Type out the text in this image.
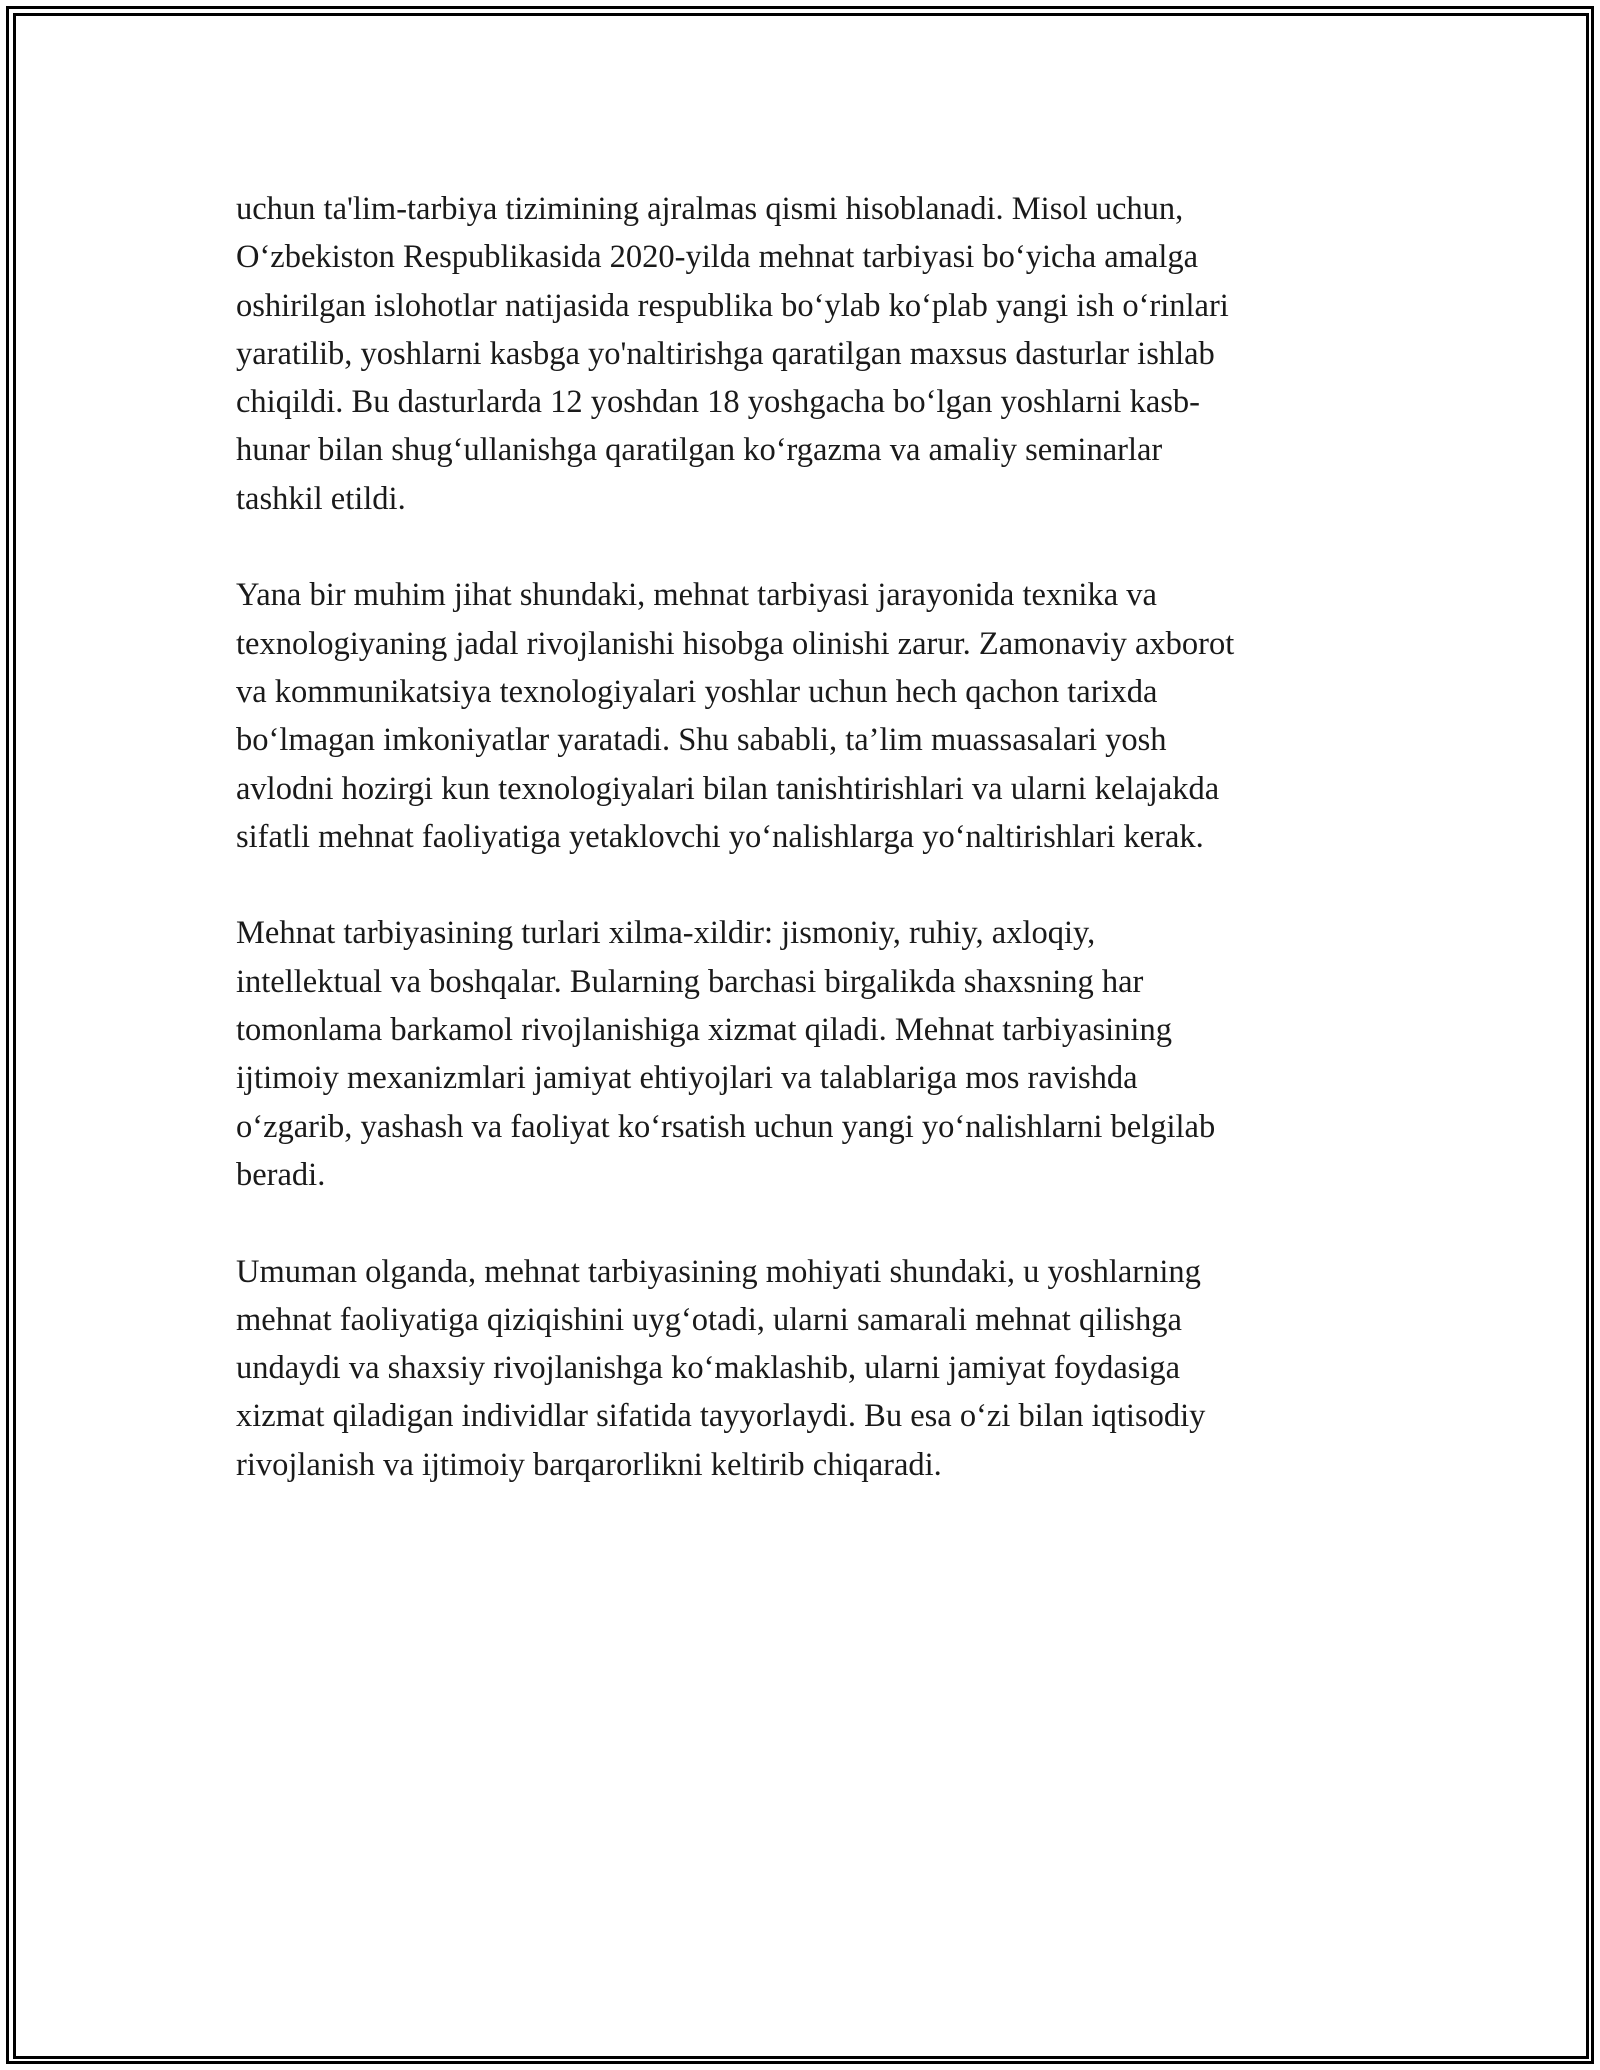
uchun ta'lim-tarbiya tizimining ajralmas qismi hisoblanadi. Misol uchun,
O‘zbekiston Respublikasida 2020-yilda mehnat tarbiyasi bo‘yicha amalga
oshirilgan islohotlar natijasida respublika bo‘ylab ko‘plab yangi ish o‘rinlari
yaratilib, yoshlarni kasbga yo'naltirishga qaratilgan maxsus dasturlar ishlab
chiqildi. Bu dasturlarda 12 yoshdan 18 yoshgacha bo‘lgan yoshlarni kasb-
hunar bilan shug‘ullanishga qaratilgan ko‘rgazma va amaliy seminarlar
tashkil etildi.

Yana bir muhim jihat shundaki, mehnat tarbiyasi jarayonida texnika va
texnologiyaning jadal rivojlanishi hisobga olinishi zarur. Zamonaviy axborot
va kommunikatsiya texnologiyalari yoshlar uchun hech qachon tarixda
bo‘lmagan imkoniyatlar yaratadi. Shu sababli, ta’lim muassasalari yosh
avlodni hozirgi kun texnologiyalari bilan tanishtirishlari va ularni kelajakda
sifatli mehnat faoliyatiga yetaklovchi yo‘nalishlarga yo‘naltirishlari kerak.

Mehnat tarbiyasining turlari xilma-xildir: jismoniy, ruhiy, axloqiy,
intellektual va boshqalar. Bularning barchasi birgalikda shaxsning har
tomonlama barkamol rivojlanishiga xizmat qiladi. Mehnat tarbiyasining
ijtimoiy mexanizmlari jamiyat ehtiyojlari va talablariga mos ravishda
o‘zgarib, yashash va faoliyat ko‘rsatish uchun yangi yo‘nalishlarni belgilab
beradi.

Umuman olganda, mehnat tarbiyasining mohiyati shundaki, u yoshlarning
mehnat faoliyatiga qiziqishini uyg‘otadi, ularni samarali mehnat qilishga
undaydi va shaxsiy rivojlanishga ko‘maklashib, ularni jamiyat foydasiga
xizmat qiladigan individlar sifatida tayyorlaydi. Bu esa o‘zi bilan iqtisodiy
rivojlanish va ijtimoiy barqarorlikni keltirib chiqaradi.
